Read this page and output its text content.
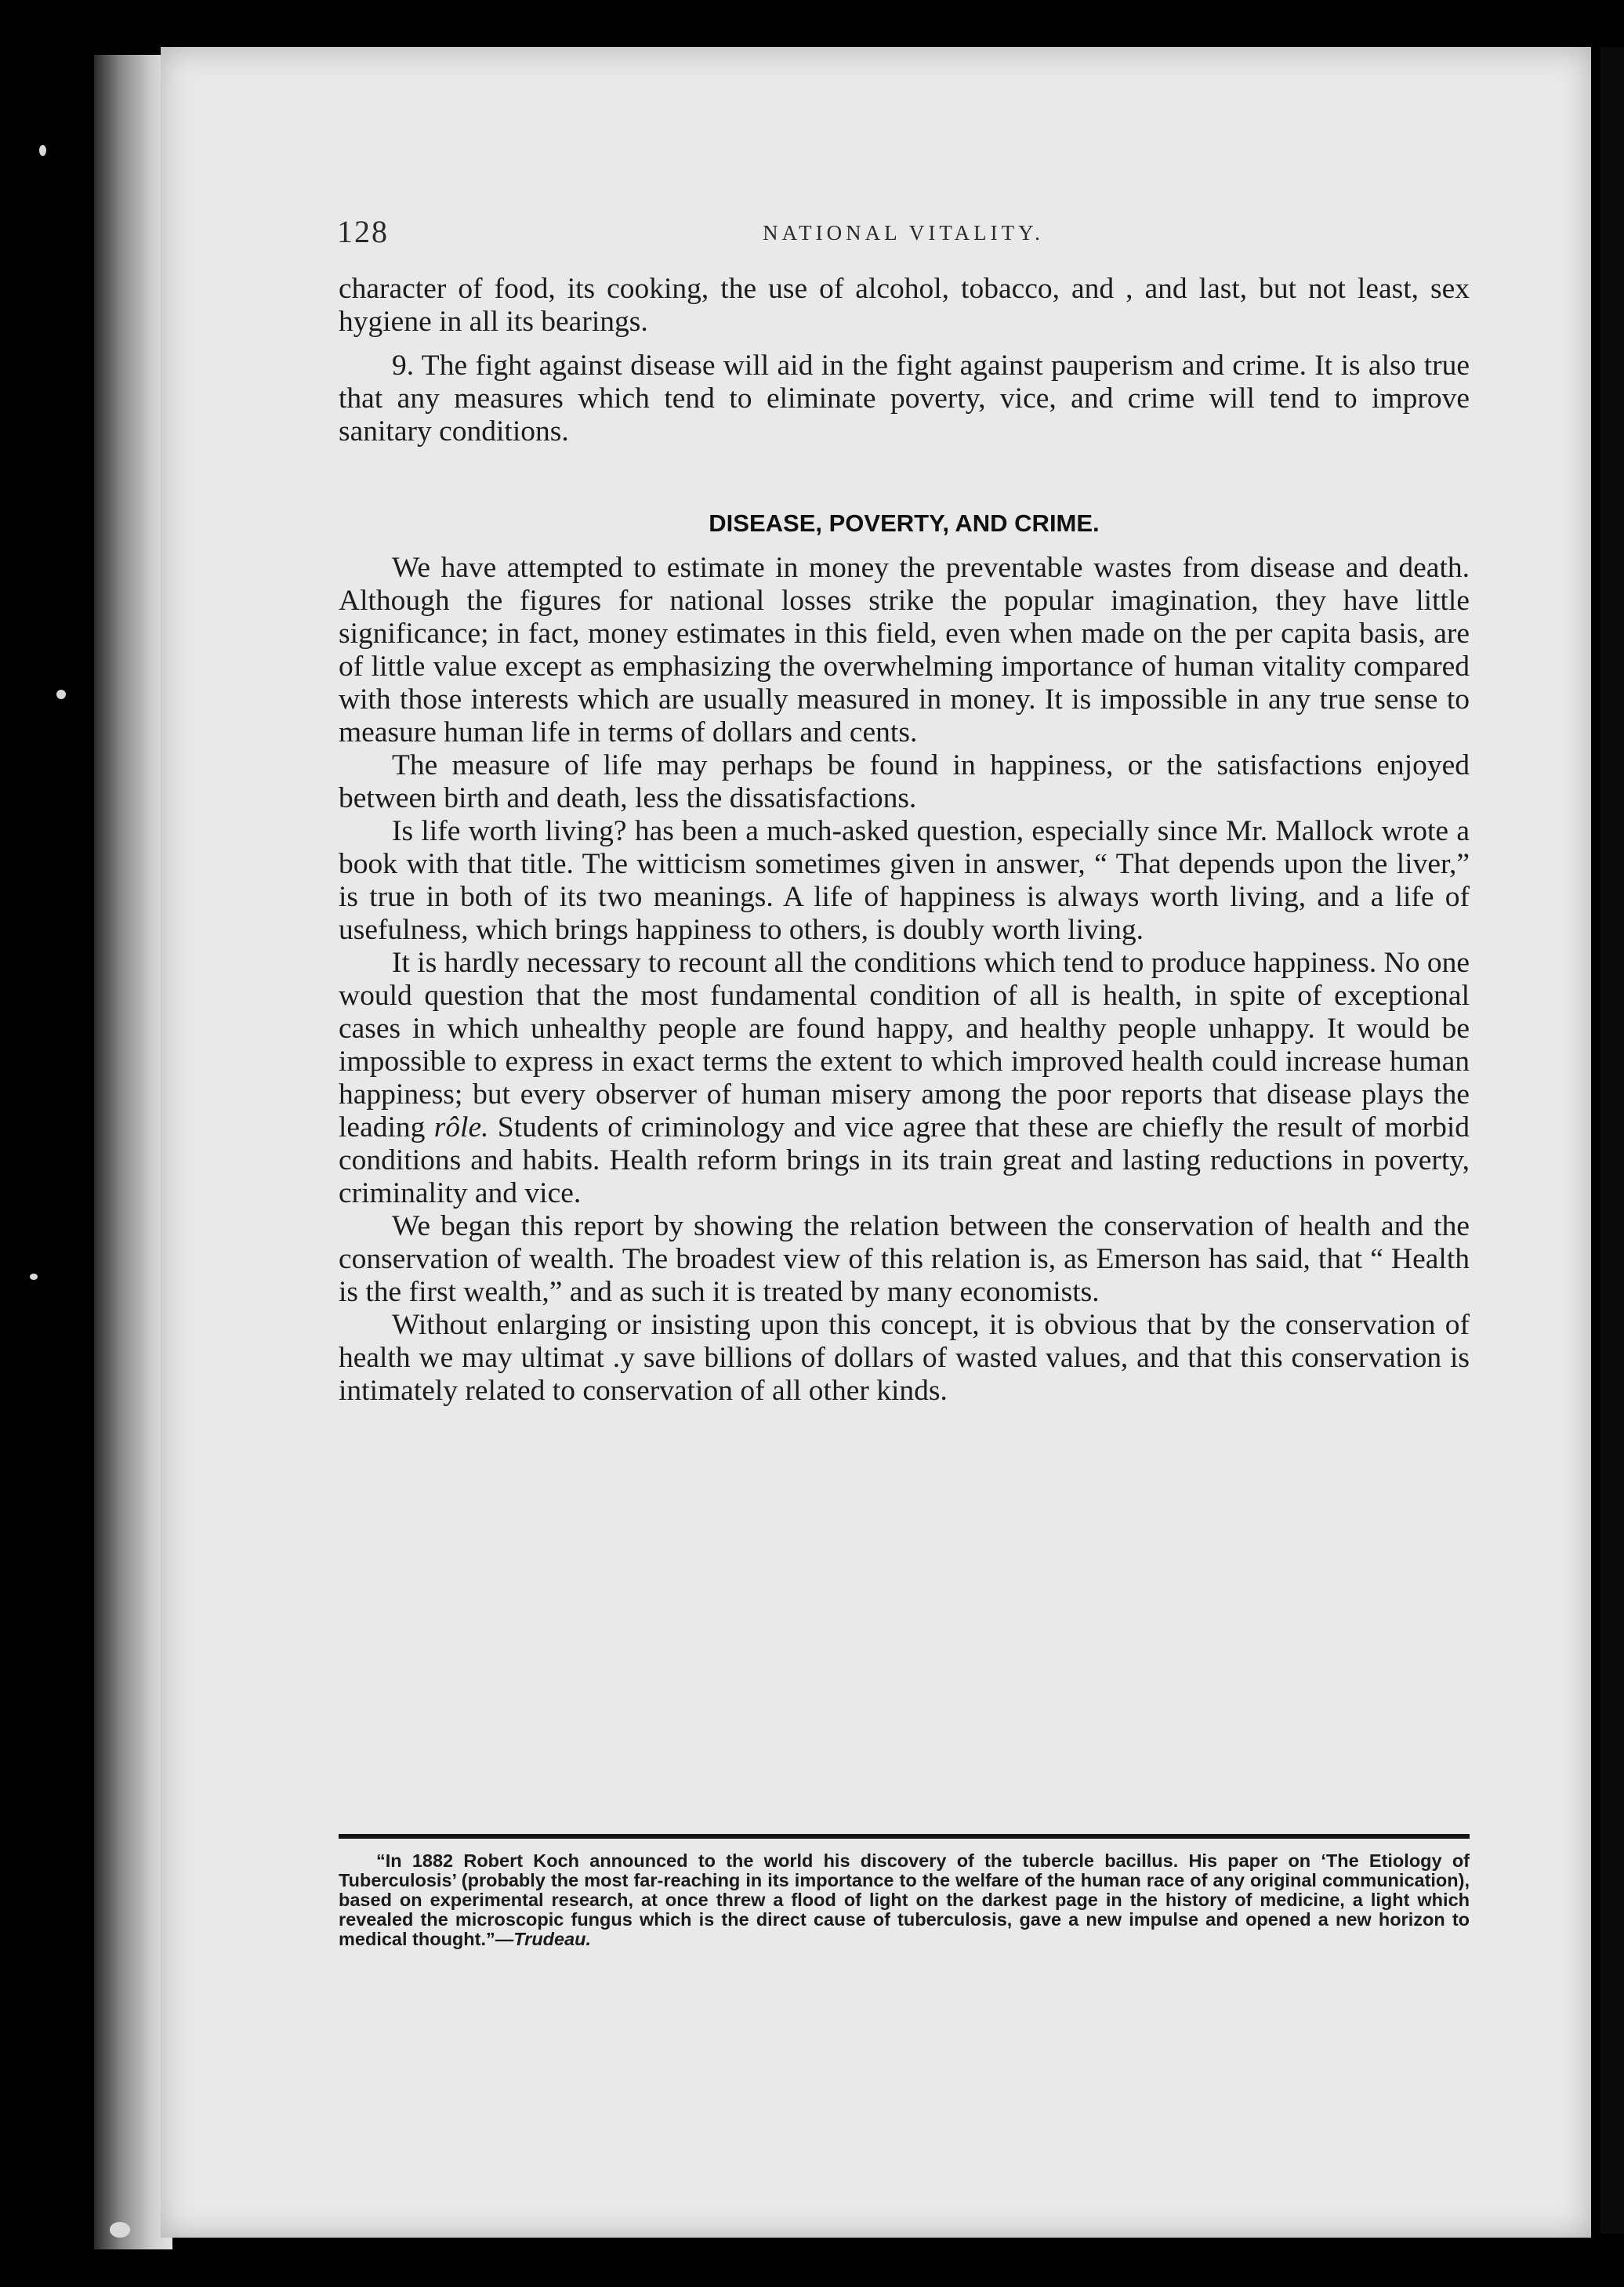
128	NATIONAL VITALITY.

character of food, its cooking, the use of alcohol, tobacco, and , and last, but not least, sex hygiene in all its bearings.

9. The fight against disease will aid in the fight against pauperism and crime. It is also true that any measures which tend to eliminate poverty, vice, and crime will tend to improve sanitary conditions.

DISEASE, POVERTY, AND CRIME.

We have attempted to estimate in money the preventable wastes from disease and death. Although the figures for national losses strike the popular imagination, they have little significance; in fact, money estimates in this field, even when made on the per capita basis, are of little value except as emphasizing the overwhelming importance of human vitality compared with those interests which are usually measured in money. It is impossible in any true sense to measure human life in terms of dollars and cents.

The measure of life may perhaps be found in happiness, or the satisfactions enjoyed between birth and death, less the dissatisfactions.

Is life worth living? has been a much-asked question, especially since Mr. Mallock wrote a book with that title. The witticism sometimes given in answer, “ That depends upon the liver,” is true in both of its two meanings. A life of happiness is always worth living, and a life of usefulness, which brings happiness to others, is doubly worth living.

It is hardly necessary to recount all the conditions which tend to produce happiness. No one would question that the most fundamental condition of all is health, in spite of exceptional cases in which unhealthy people are found happy, and healthy people unhappy. It would be impossible to express in exact terms the extent to which improved health could increase human happiness; but every observer of human misery among the poor reports that disease plays the leading rôle. Students of criminology and vice agree that these are chiefly the result of morbid conditions and habits. Health reform brings in its train great and lasting reductions in poverty, criminality and vice.

We began this report by showing the relation between the conservation of health and the conservation of wealth. The broadest view of this relation is, as Emerson has said, that “ Health is the first wealth,” and as such it is treated by many economists.

Without enlarging or insisting upon this concept, it is obvious that by the conservation of health we may ultimat .y save billions of dollars of wasted values, and that this conservation is intimately related to conservation of all other kinds.

“In 1882 Robert Koch announced to the world his discovery of the tubercle bacillus. His paper on ‘The Etiology of Tuberculosis’ (probably the most far-reaching in its importance to the welfare of the human race of any original communication), based on experimental research, at once threw a flood of light on the darkest page in the history of medicine, a light which revealed the microscopic fungus which is the direct cause of tuberculosis, gave a new impulse and opened a new horizon to medical thought.”—Trudeau.
